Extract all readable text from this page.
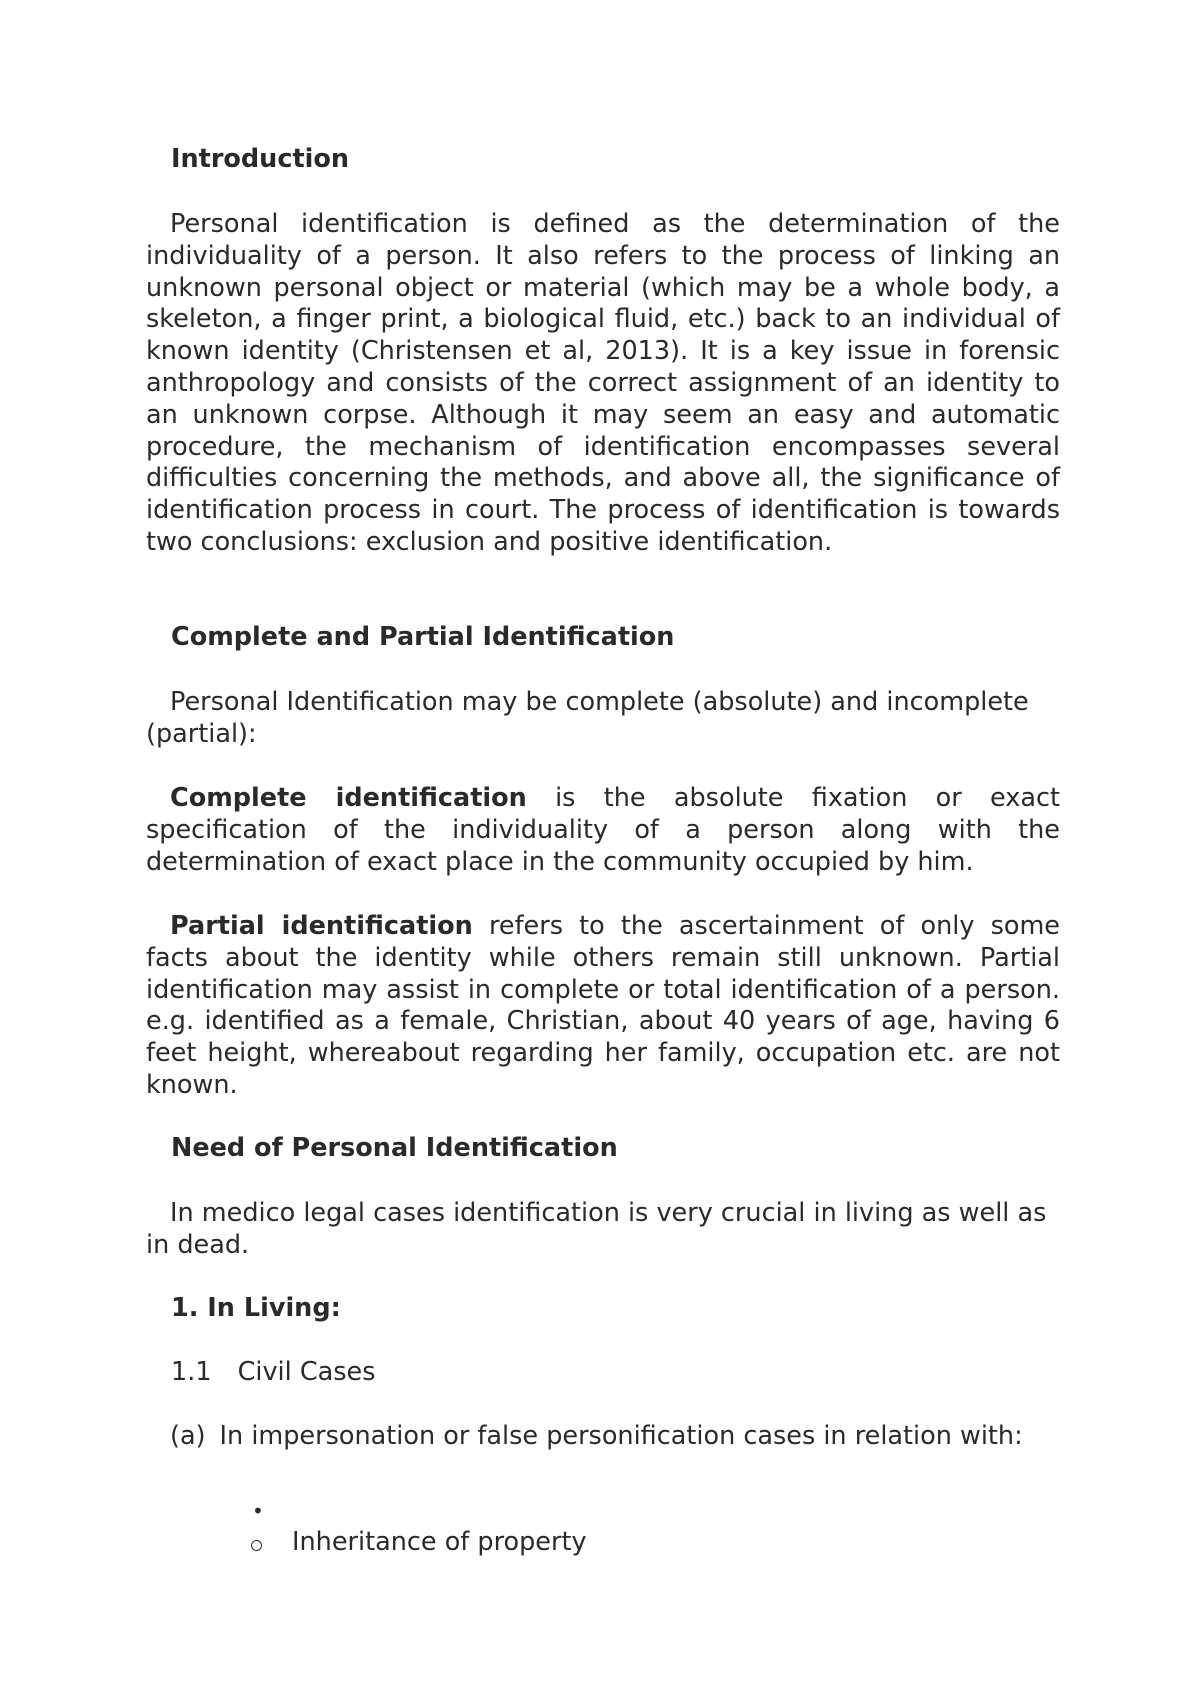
Introduction
Personal identification is defined as the determination of the individuality of a person. It also refers to the process of linking an unknown personal object or material (which may be a whole body, a skeleton, a finger print, a biological fluid, etc.) back to an individual of known identity (Christensen et al, 2013). It is a key issue in forensic anthropology and consists of the correct assignment of an identity to an unknown corpse. Although it may seem an easy and automatic procedure, the mechanism of identification encompasses several difficulties concerning the methods, and above all, the significance of identification process in court. The process of identification is towards two conclusions: exclusion and positive identification.
Complete and Partial Identification
Personal Identification may be complete (absolute) and incomplete (partial):
Complete identification is the absolute fixation or exact specification of the individuality of a person along with the determination of exact place in the community occupied by him.
Partial identification refers to the ascertainment of only some facts about the identity while others remain still unknown. Partial identification may assist in complete or total identification of a person. e.g. identified as a female, Christian, about 40 years of age, having 6 feet height, whereabout regarding her family, occupation etc. are not known.
Need of Personal Identification
In medico legal cases identification is very crucial in living as well as in dead.
1. In Living:
1.1 Civil Cases
(a) In impersonation or false personification cases in relation with:
•
Inheritance of property
